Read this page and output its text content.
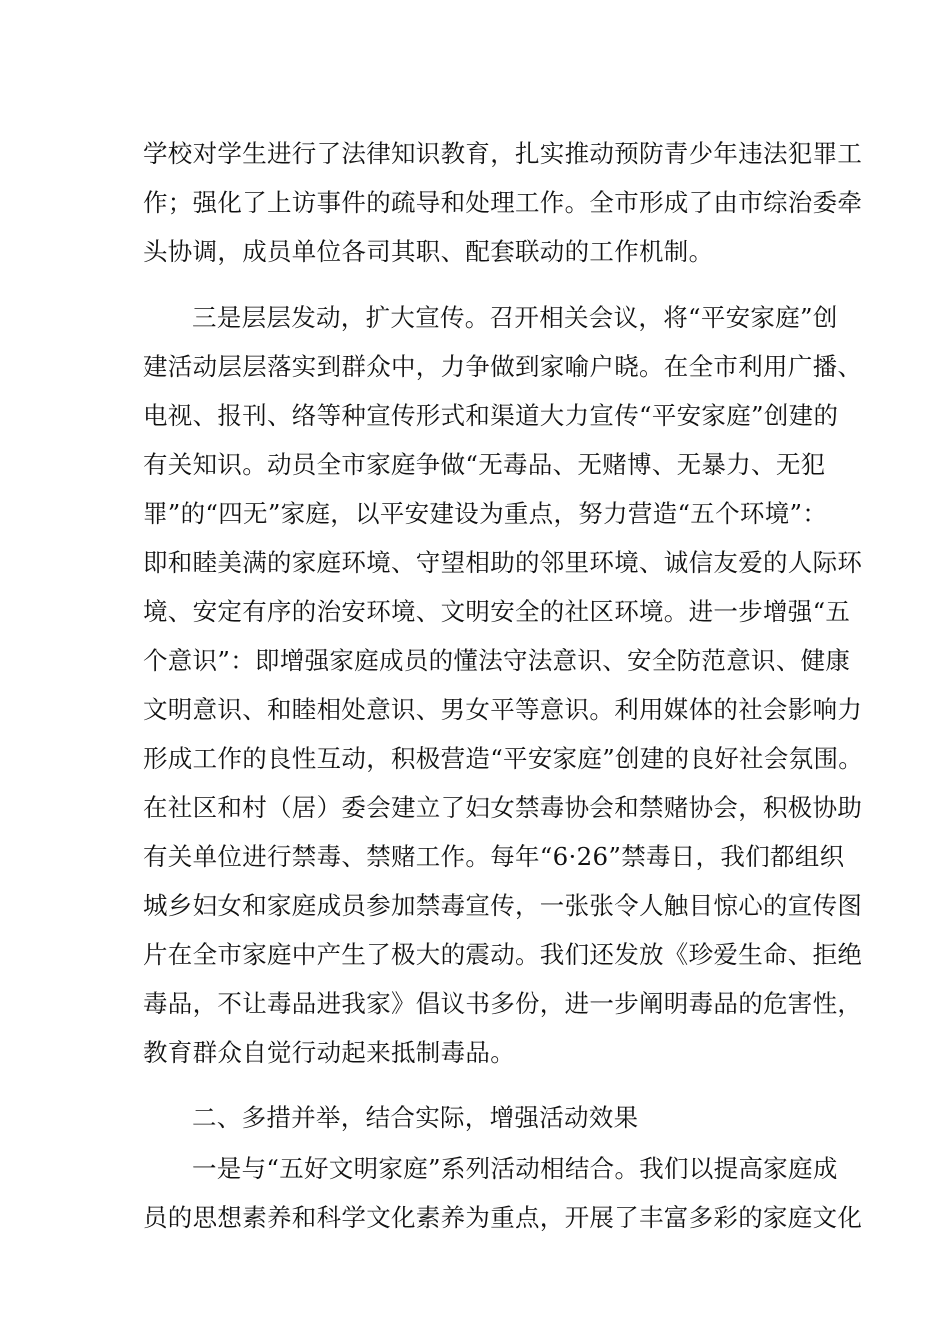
学校对学生进行了法律知识教育，扎实推动预防青少年违法犯罪工
作；强化了上访事件的疏导和处理工作。全市形成了由市综治委牵
头协调，成员单位各司其职、配套联动的工作机制。
三是层层发动，扩大宣传。召开相关会议，将“平安家庭”创
建活动层层落实到群众中，力争做到家喻户晓。在全市利用广播、
电视、报刊、络等种宣传形式和渠道大力宣传“平安家庭”创建的
有关知识。动员全市家庭争做“无毒品、无赌博、无暴力、无犯
罪”的“四无”家庭，以平安建设为重点，努力营造“五个环境”：
即和睦美满的家庭环境、守望相助的邻里环境、诚信友爱的人际环
境、安定有序的治安环境、文明安全的社区环境。进一步增强“五
个意识”：即增强家庭成员的懂法守法意识、安全防范意识、健康
文明意识、和睦相处意识、男女平等意识。利用媒体的社会影响力
形成工作的良性互动，积极营造“平安家庭”创建的良好社会氛围。
在社区和村（居）委会建立了妇女禁毒协会和禁赌协会，积极协助
有关单位进行禁毒、禁赌工作。每年“6·26”禁毒日，我们都组织
城乡妇女和家庭成员参加禁毒宣传，一张张令人触目惊心的宣传图
片在全市家庭中产生了极大的震动。我们还发放《珍爱生命、拒绝
毒品，不让毒品进我家》倡议书多份，进一步阐明毒品的危害性，
教育群众自觉行动起来抵制毒品。
二、多措并举，结合实际，增强活动效果
一是与“五好文明家庭”系列活动相结合。我们以提高家庭成
员的思想素养和科学文化素养为重点，开展了丰富多彩的家庭文化
